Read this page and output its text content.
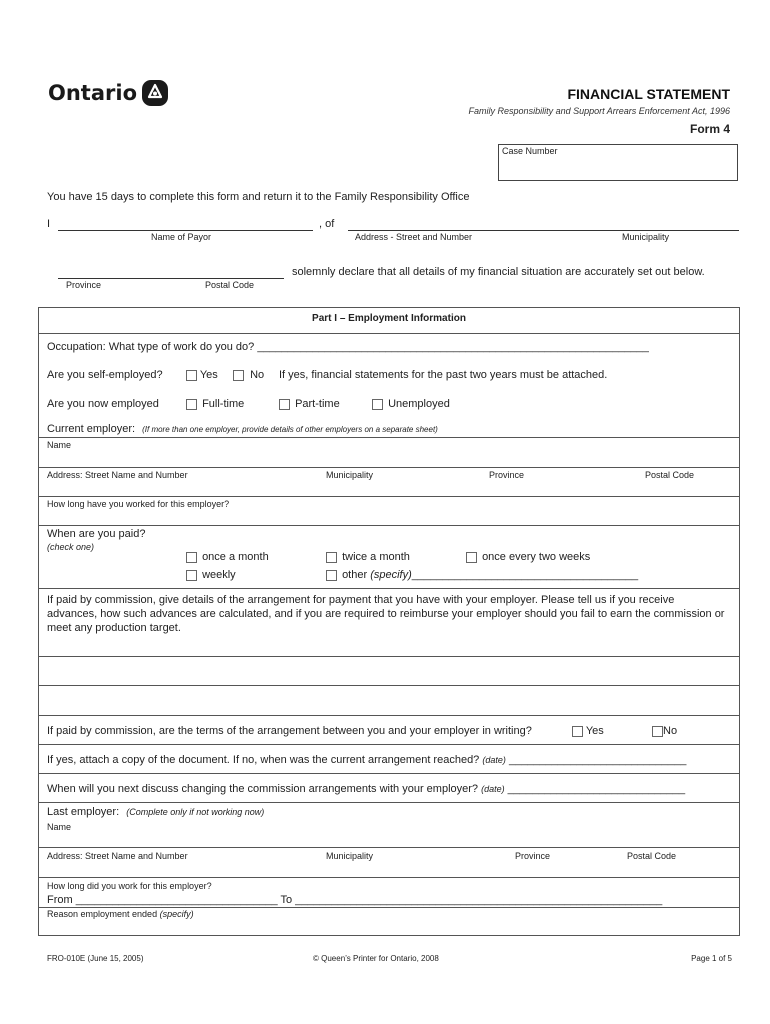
Ontario	FINANCIAL STATEMENT
Family Responsibility and Support Arrears Enforcement Act, 1996
Form 4
Case Number
You have 15 days to complete this form and return it to the Family Responsibility Office
I	, of
Name of Payor	Address - Street and Number	Municipality
solemnly declare that all details of my financial situation are accurately set out below.
Province	Postal Code
Part I – Employment Information
Occupation: What type of work do you do? ________________________________________________________________
Are you self-employed?	Yes	No If yes, financial statements for the past two years must be attached.
Are you now employed	Full-time	Part-time	Unemployed
Current employer: (If more than one employer, provide details of other employers on a separate sheet)
Name
Address: Street Name and Number	Municipality	Province	Postal Code
How long have you worked for this employer?
When are you paid?
(check one)
once a month	twice a month	once every two weeks
weekly	other (specify)_____________________________________
If paid by commission, give details of the arrangement for payment that you have with your employer. Please tell us if you receive advances, how such advances are calculated, and if you are required to reimburse your employer should you fail to earn the commission or meet any production target.
If paid by commission, are the terms of the arrangement between you and your employer in writing?	Yes	No
If yes, attach a copy of the document. If no, when was the current arrangement reached? (date) _____________________________
When will you next discuss changing the commission arrangements with your employer? (date) _____________________________
Last employer: (Complete only if not working now)
Name
Address: Street Name and Number	Municipality	Province	Postal Code
How long did you work for this employer?
From _________________________________ To ____________________________________________________________
Reason employment ended (specify)
FRO-010E (June 15, 2005)	© Queen’s Printer for Ontario, 2008	Page 1 of 5
